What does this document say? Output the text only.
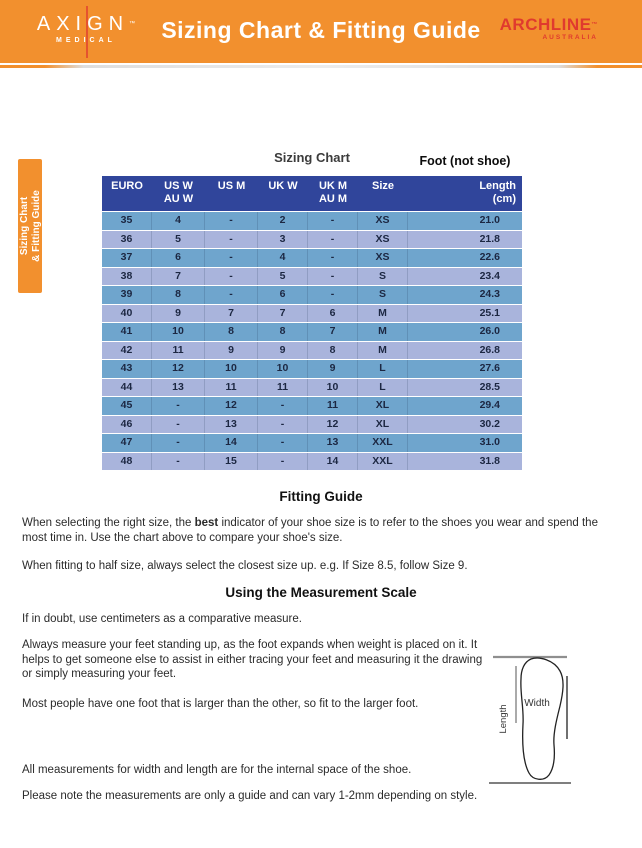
AXIGN™
MEDICAL	Sizing Chart & Fitting Guide	ARCHLINE™
AUSTRALIA
Sizing Chart & Fitting Guide
Sizing Chart	Foot (not shoe)
EURO	US W
AU W
US M	UK W	UK M
AU M
Size	Length
(cm)
35	4	-	2	-	XS	21.0
36	5	-	3	-	XS	21.8
37	6	-	4	-	XS	22.6
38	7	-	5	-	S	23.4
39	8	-	6	-	S	24.3
40	9	7	7	6	M	25.1
41	10	8	8	7	M	26.0
42	11	9	9	8	M	26.8
43	12	10	10	9	L	27.6
44	13	11	11	10	L	28.5
45	-	12	-	11	XL	29.4
46	-	13	-	12	XL	30.2
47	-	14	-	13	XXL	31.0
48	-	15	-	14	XXL	31.8
Fitting Guide

When selecting the right size, the best indicator of your shoe size is to refer to the shoes you wear and spend the most time in. Use the chart above to compare your shoe's size.

When fitting to half size, always select the closest size up. e.g. If Size 8.5, follow Size 9.

Using the Measurement Scale

If in doubt, use centimeters as a comparative measure.

Always measure your feet standing up, as the foot expands when weight is placed on it. It helps to get someone else to assist in either tracing your feet and measuring it the drawing or simply measuring your feet.

Most people have one foot that is larger than the other, so fit to the larger foot.

All measurements for width and length are for the internal space of the shoe.

Please note the measurements are only a guide and can vary 1-2mm depending on style.

Width
Length
